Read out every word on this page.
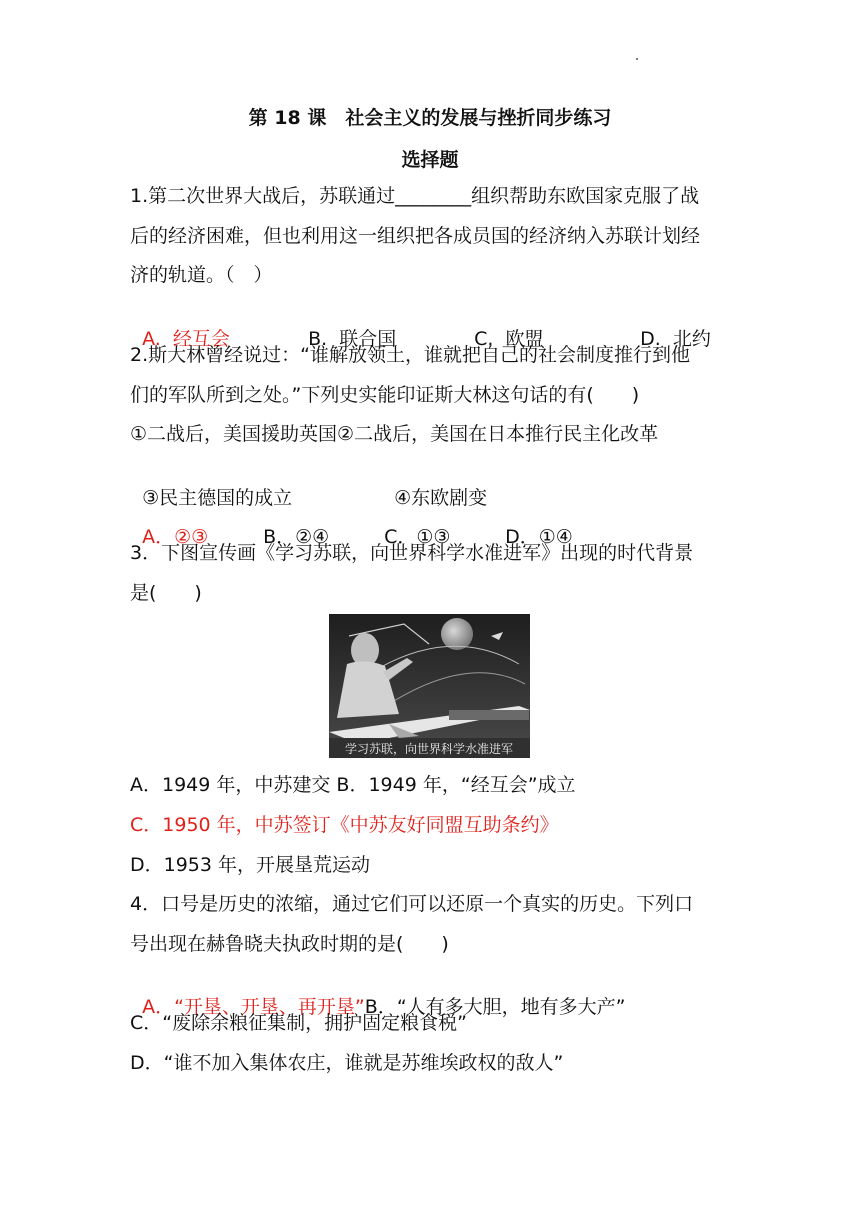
第 18 课　社会主义的发展与挫折同步练习
选择题
1.第二次世界大战后，苏联通过________组织帮助东欧国家克服了战
后的经济困难，但也利用这一组织把各成员国的经济纳入苏联计划经
济的轨道。（　）

A.  经互会	B.  联合国	C.  欧盟	D.  北约

2.斯大林曾经说过：“谁解放领土，谁就把自己的社会制度推行到他
们的军队所到之处。”下列史实能印证斯大林这句话的有(　　)
①二战后，美国援助英国②二战后，美国在日本推行民主化改革

③民主德国的成立	④东欧剧变

A．②③	B．②④	C．①③	D．①④

3．下图宣传画《学习苏联，向世界科学水准进军》出现的时代背景
是(　　)
学习苏联，向世界科学水准进军
A．1949 年，中苏建交 B．1949 年，“经互会”成立
C．1950 年，中苏签订《中苏友好同盟互助条约》
D．1953 年，开展垦荒运动
4．口号是历史的浓缩，通过它们可以还原一个真实的历史。下列口
号出现在赫鲁晓夫执政时期的是(　　)

A．“开垦、开垦、再开垦”B．“人有多大胆，地有多大产”

C．“废除余粮征集制，拥护固定粮食税”
D．“谁不加入集体农庄，谁就是苏维埃政权的敌人”
